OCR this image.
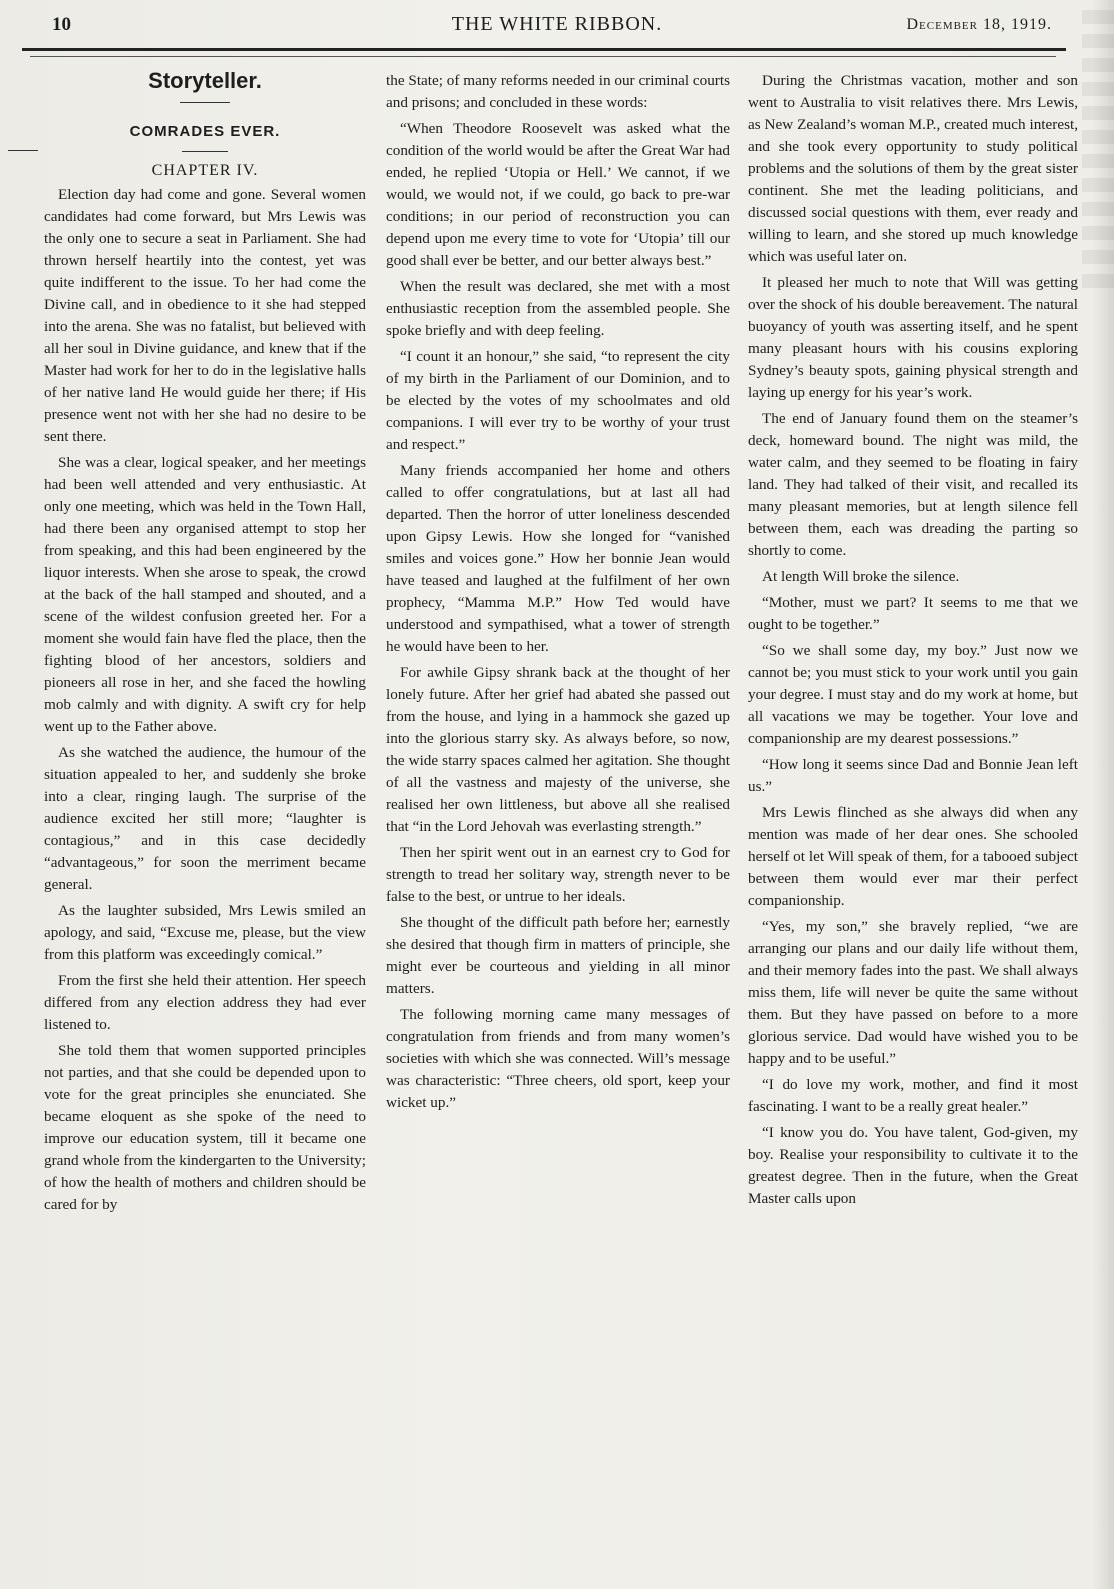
10	THE WHITE RIBBON.	December 18, 1919.
Storyteller.
COMRADES EVER.
CHAPTER IV.

Election day had come and gone. Several women candidates had come forward, but Mrs Lewis was the only one to secure a seat in Parliament. She had thrown herself heartily into the contest, yet was quite indifferent to the issue. To her had come the Divine call, and in obedience to it she had stepped into the arena. She was no fatalist, but believed with all her soul in Divine guidance, and knew that if the Master had work for her to do in the legislative halls of her native land He would guide her there; if His presence went not with her she had no desire to be sent there.

She was a clear, logical speaker, and her meetings had been well attended and very enthusiastic. At only one meeting, which was held in the Town Hall, had there been any organised attempt to stop her from speaking, and this had been engineered by the liquor interests. When she arose to speak, the crowd at the back of the hall stamped and shouted, and a scene of the wildest confusion greeted her. For a moment she would fain have fled the place, then the fighting blood of her ancestors, soldiers and pioneers all rose in her, and she faced the howling mob calmly and with dignity. A swift cry for help went up to the Father above.

As she watched the audience, the humour of the situation appealed to her, and suddenly she broke into a clear, ringing laugh. The surprise of the audience excited her still more; “laughter is contagious,” and in this case decidedly “advantageous,” for soon the merriment became general.

As the laughter subsided, Mrs Lewis smiled an apology, and said, “Excuse me, please, but the view from this platform was exceedingly comical.”

From the first she held their attention. Her speech differed from any election address they had ever listened to.

She told them that women supported principles not parties, and that she could be depended upon to vote for the great principles she enunciated. She became eloquent as she spoke of the need to improve our education system, till it became one grand whole from the kindergarten to the University; of how the health of mothers and children should be cared for by

the State; of many reforms needed in our criminal courts and prisons; and concluded in these words:

“When Theodore Roosevelt was asked what the condition of the world would be after the Great War had ended, he replied ‘Utopia or Hell.’ We cannot, if we would, we would not, if we could, go back to pre-war conditions; in our period of reconstruction you can depend upon me every time to vote for ‘Utopia’ till our good shall ever be better, and our better always best.”

When the result was declared, she met with a most enthusiastic reception from the assembled people. She spoke briefly and with deep feeling.

“I count it an honour,” she said, “to represent the city of my birth in the Parliament of our Dominion, and to be elected by the votes of my schoolmates and old companions. I will ever try to be worthy of your trust and respect.”

Many friends accompanied her home and others called to offer congratulations, but at last all had departed. Then the horror of utter loneliness descended upon Gipsy Lewis. How she longed for “vanished smiles and voices gone.” How her bonnie Jean would have teased and laughed at the fulfilment of her own prophecy, “Mamma M.P.” How Ted would have understood and sympathised, what a tower of strength he would have been to her.

For awhile Gipsy shrank back at the thought of her lonely future. After her grief had abated she passed out from the house, and lying in a hammock she gazed up into the glorious starry sky. As always before, so now, the wide starry spaces calmed her agitation. She thought of all the vastness and majesty of the universe, she realised her own littleness, but above all she realised that “in the Lord Jehovah was everlasting strength.”

Then her spirit went out in an earnest cry to God for strength to tread her solitary way, strength never to be false to the best, or untrue to her ideals.

She thought of the difficult path before her; earnestly she desired that though firm in matters of principle, she might ever be courteous and yielding in all minor matters.

The following morning came many messages of congratulation from friends and from many women’s societies with which she was connected. Will’s message was characteristic: “Three cheers, old sport, keep your wicket up.”

During the Christmas vacation, mother and son went to Australia to visit relatives there. Mrs Lewis, as New Zealand’s woman M.P., created much interest, and she took every opportunity to study political problems and the solutions of them by the great sister continent. She met the leading politicians, and discussed social questions with them, ever ready and willing to learn, and she stored up much knowledge which was useful later on.

It pleased her much to note that Will was getting over the shock of his double bereavement. The natural buoyancy of youth was asserting itself, and he spent many pleasant hours with his cousins exploring Sydney’s beauty spots, gaining physical strength and laying up energy for his year’s work.

The end of January found them on the steamer’s deck, homeward bound. The night was mild, the water calm, and they seemed to be floating in fairy land. They had talked of their visit, and recalled its many pleasant memories, but at length silence fell between them, each was dreading the parting so shortly to come.

At length Will broke the silence.

“Mother, must we part? It seems to me that we ought to be together.”

“So we shall some day, my boy.” Just now we cannot be; you must stick to your work until you gain your degree. I must stay and do my work at home, but all vacations we may be together. Your love and companionship are my dearest possessions.”

“How long it seems since Dad and Bonnie Jean left us.”

Mrs Lewis flinched as she always did when any mention was made of her dear ones. She schooled herself ot let Will speak of them, for a tabooed subject between them would ever mar their perfect companionship.

“Yes, my son,” she bravely replied, “we are arranging our plans and our daily life without them, and their memory fades into the past. We shall always miss them, life will never be quite the same without them. But they have passed on before to a more glorious service. Dad would have wished you to be happy and to be useful.”

“I do love my work, mother, and find it most fascinating. I want to be a really great healer.”

“I know you do. You have talent, God-given, my boy. Realise your responsibility to cultivate it to the greatest degree. Then in the future, when the Great Master calls upon
